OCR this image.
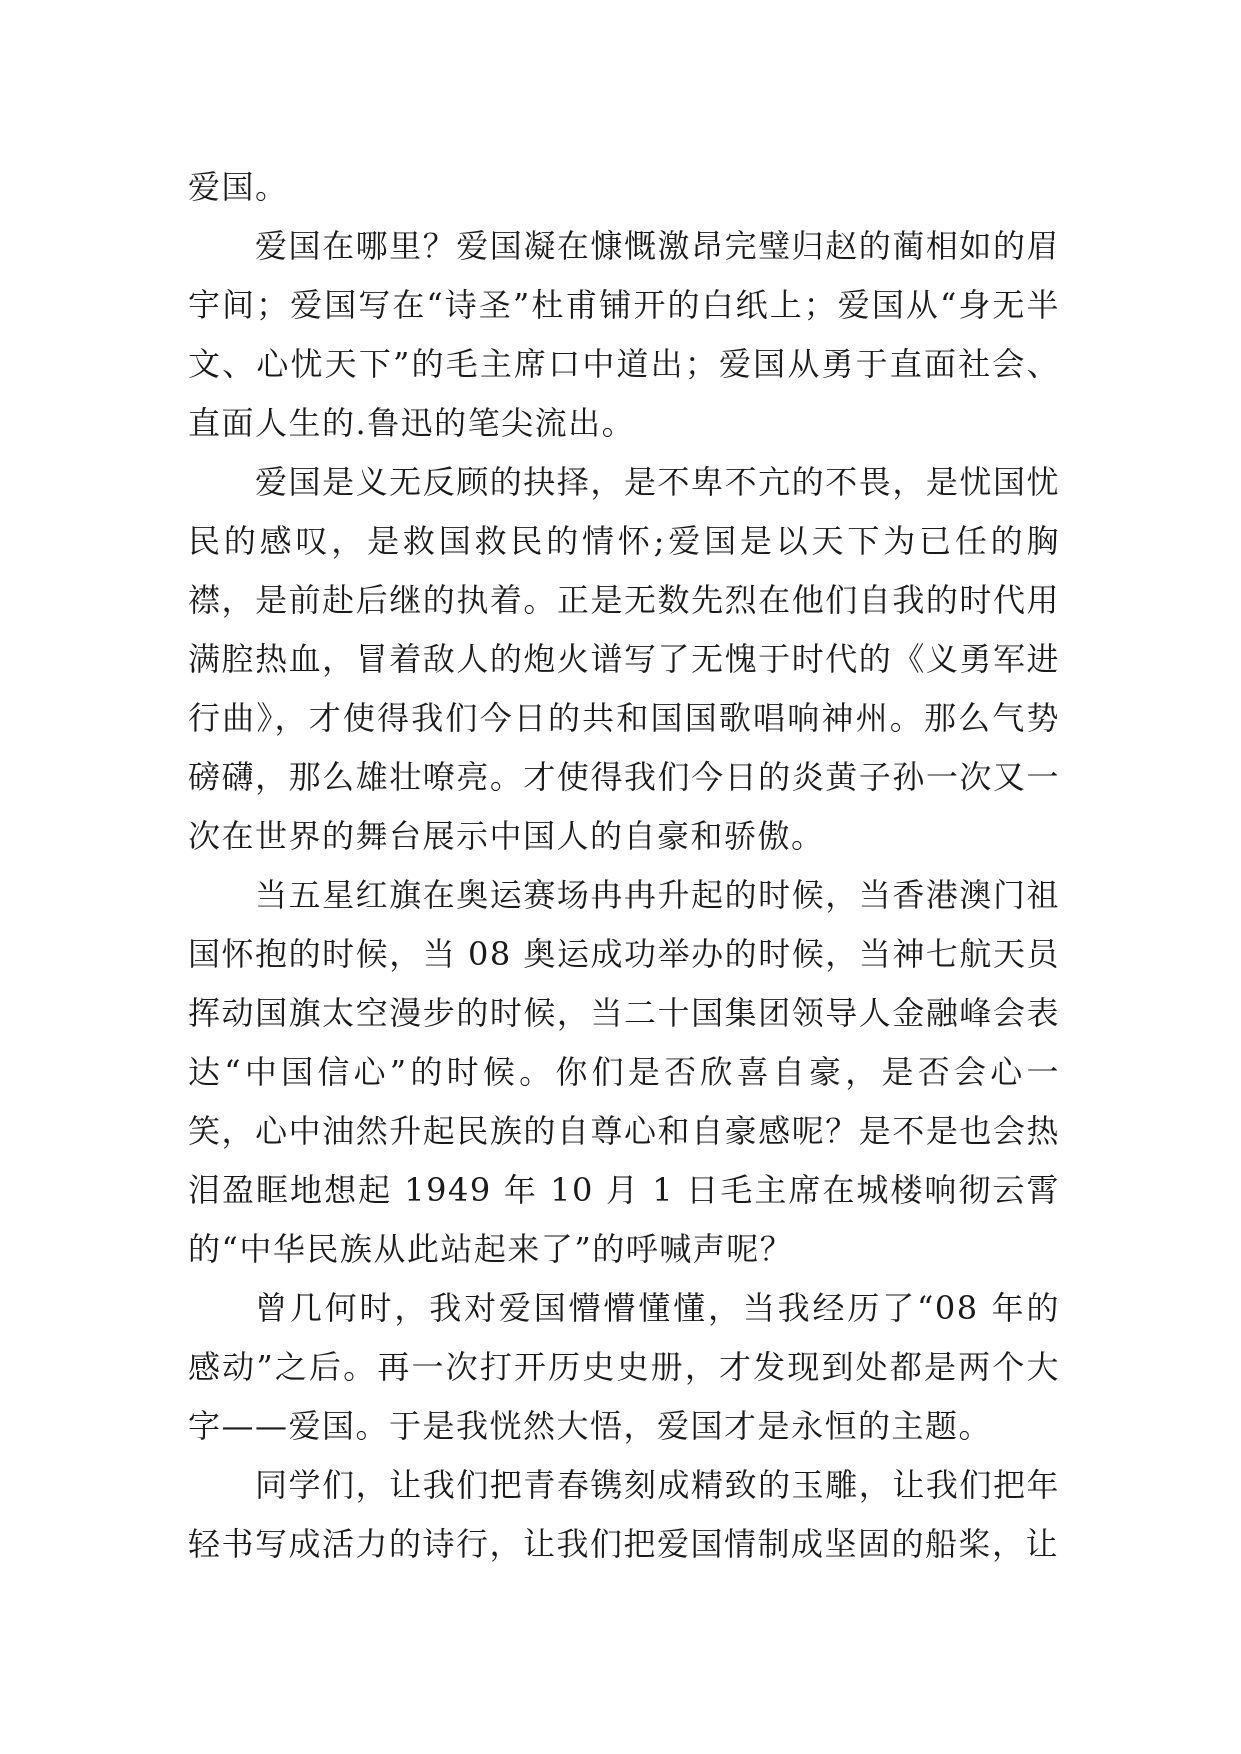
爱国。

爱国在哪里？爱国凝在慷慨激昂完璧归赵的蔺相如的眉宇间；爱国写在“诗圣”杜甫铺开的白纸上；爱国从“身无半文、心忧天下”的毛主席口中道出；爱国从勇于直面社会、直面人生的.鲁迅的笔尖流出。

爱国是义无反顾的抉择，是不卑不亢的不畏，是忧国忧民的感叹，是救国救民的情怀;爱国是以天下为已任的胸襟，是前赴后继的执着。正是无数先烈在他们自我的时代用满腔热血，冒着敌人的炮火谱写了无愧于时代的《义勇军进行曲》，才使得我们今日的共和国国歌唱响神州。那么气势磅礴，那么雄壮嘹亮。才使得我们今日的炎黄子孙一次又一次在世界的舞台展示中国人的自豪和骄傲。

当五星红旗在奥运赛场冉冉升起的时候，当香港澳门祖国怀抱的时候，当 08 奥运成功举办的时候，当神七航天员挥动国旗太空漫步的时候，当二十国集团领导人金融峰会表达“中国信心”的时候。你们是否欣喜自豪，是否会心一笑，心中油然升起民族的自尊心和自豪感呢？是不是也会热泪盈眶地想起 1949 年 10 月 1 日毛主席在城楼响彻云霄的“中华民族从此站起来了”的呼喊声呢？

曾几何时，我对爱国懵懵懂懂，当我经历了“08 年的感动”之后。再一次打开历史史册，才发现到处都是两个大字——爱国。于是我恍然大悟，爱国才是永恒的主题。

同学们，让我们把青春镌刻成精致的玉雕，让我们把年轻书写成活力的诗行，让我们把爱国情制成坚固的船桨，让
